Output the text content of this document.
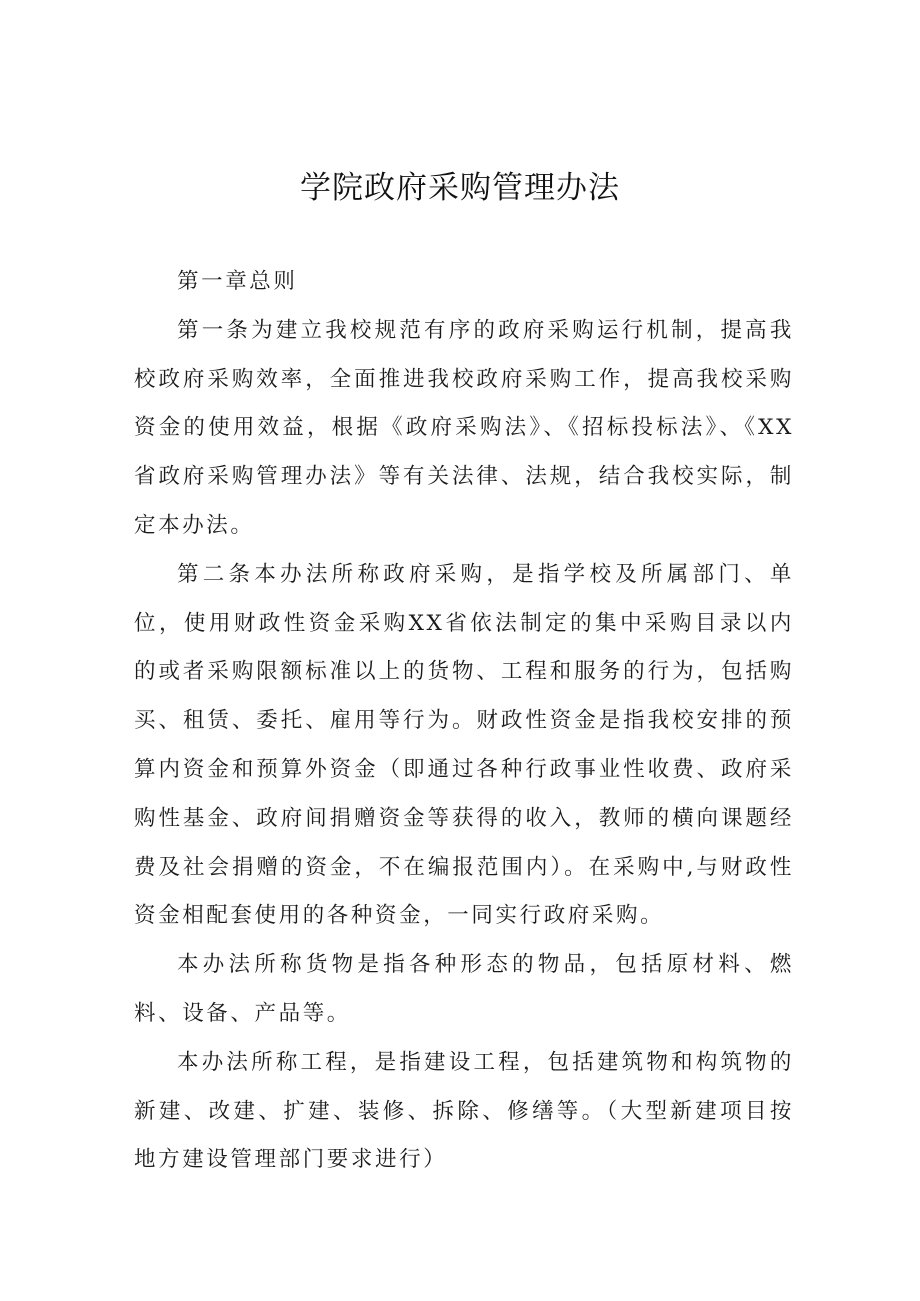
学院政府采购管理办法

第一章总则

第一条为建立我校规范有序的政府采购运行机制，提高我校政府采购效率，全面推进我校政府采购工作，提高我校采购资金的使用效益，根据《政府采购法》、《招标投标法》、《XX省政府采购管理办法》等有关法律、法规，结合我校实际，制定本办法。

第二条本办法所称政府采购，是指学校及所属部门、单位，使用财政性资金采购XX省依法制定的集中采购目录以内的或者采购限额标准以上的货物、工程和服务的行为，包括购买、租赁、委托、雇用等行为。财政性资金是指我校安排的预算内资金和预算外资金（即通过各种行政事业性收费、政府采购性基金、政府间捐赠资金等获得的收入，教师的横向课题经费及社会捐赠的资金，不在编报范围内）。在采购中,与财政性资金相配套使用的各种资金，一同实行政府采购。

本办法所称货物是指各种形态的物品，包括原材料、燃料、设备、产品等。

本办法所称工程，是指建设工程，包括建筑物和构筑物的新建、改建、扩建、装修、拆除、修缮等。（大型新建项目按地方建设管理部门要求进行）
